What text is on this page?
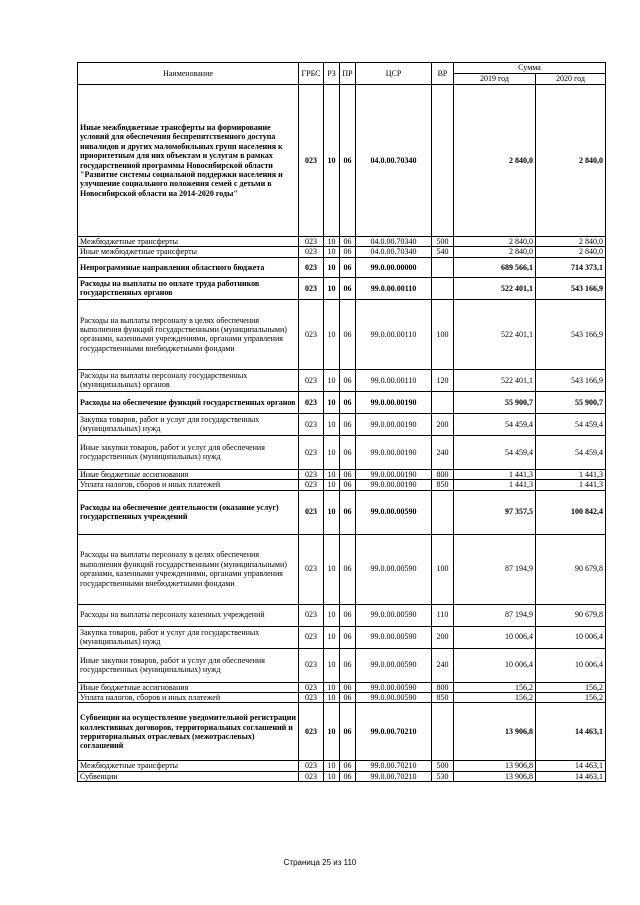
Наименование	ГРБС	РЗ	ПР	ЦСР	ВР	Сумма	
						2019 год	2020 год
Иные межбюджетные трансферты на формирование условий для обеспечения беспрепятственного доступа инвалидов и других маломобильных групп населения к приоритетным для них объектам и услугам в рамках государственной программы Новосибирской области "Развитие системы социальной поддержки населения и улучшение социального положения семей с детьми в Новосибирской области на 2014-2020 годы"	023	10	06	04.0.00.70340		2 840,0	2 840,0
Межбюджетные трансферты	023	10	06	04.0.00.70340	500	2 840,0	2 840,0
Иные межбюджетные трансферты	023	10	06	04.0.00.70340	540	2 840,0	2 840,0
Непрограммные направления областного бюджета	023	10	06	99.0.00.00000		689 566,1	714 373,1
Расходы на выплаты по оплате труда работников государственных органов	023	10	06	99.0.00.00110		522 401,1	543 166,9
Расходы на выплаты персоналу в целях обеспечения выполнения функций государственными (муниципальными) органами, казенными учреждениями, органами управления государственными внебюджетными фондами	023	10	06	99.0.00.00110	100	522 401,1	543 166,9
Расходы на выплаты персоналу государственных (муниципальных) органов	023	10	06	99.0.00.00110	120	522 401,1	543 166,9
Расходы на обеспечение функций государственных органов	023	10	06	99.0.00.00190		55 900,7	55 900,7
Закупка товаров, работ и услуг для государственных (муниципальных) нужд	023	10	06	99.0.00.00190	200	54 459,4	54 459,4
Иные закупки товаров, работ и услуг для обеспечения государственных (муниципальных) нужд	023	10	06	99.0.00.00190	240	54 459,4	54 459,4
Иные бюджетные ассигнования	023	10	06	99.0.00.00190	800	1 441,3	1 441,3
Уплата налогов, сборов и иных платежей	023	10	06	99.0.00.00190	850	1 441,3	1 441,3
Расходы на обеспечение деятельности (оказание услуг) государственных учреждений	023	10	06	99.0.00.00590		97 357,5	100 842,4
Расходы на выплаты персоналу в целях обеспечения выполнения функций государственными (муниципальными) органами, казенными учреждениями, органами управления государственными внебюджетными фондами	023	10	06	99.0.00.00590	100	87 194,9	90 679,8
Расходы на выплаты персоналу казенных учреждений	023	10	06	99.0.00.00590	110	87 194,9	90 679,8
Закупка товаров, работ и услуг для государственных (муниципальных) нужд	023	10	06	99.0.00.00590	200	10 006,4	10 006,4
Иные закупки товаров, работ и услуг для обеспечения государственных (муниципальных) нужд	023	10	06	99.0.00.00590	240	10 006,4	10 006,4
Иные бюджетные ассигнования	023	10	06	99.0.00.00590	800	156,2	156,2
Уплата налогов, сборов и иных платежей	023	10	06	99.0.00.00590	850	156,2	156,2
Субвенции на осуществление уведомительной регистрации коллективных договоров, территориальных соглашений и территориальных отраслевых (межотраслевых) соглашений	023	10	06	99.0.00.70210		13 906,8	14 463,1
Межбюджетные трансферты	023	10	06	99.0.00.70210	500	13 906,8	14 463,1
Субвенции	023	10	06	99.0.00.70210	530	13 906,8	14 463,1
Страница 25 из 110
